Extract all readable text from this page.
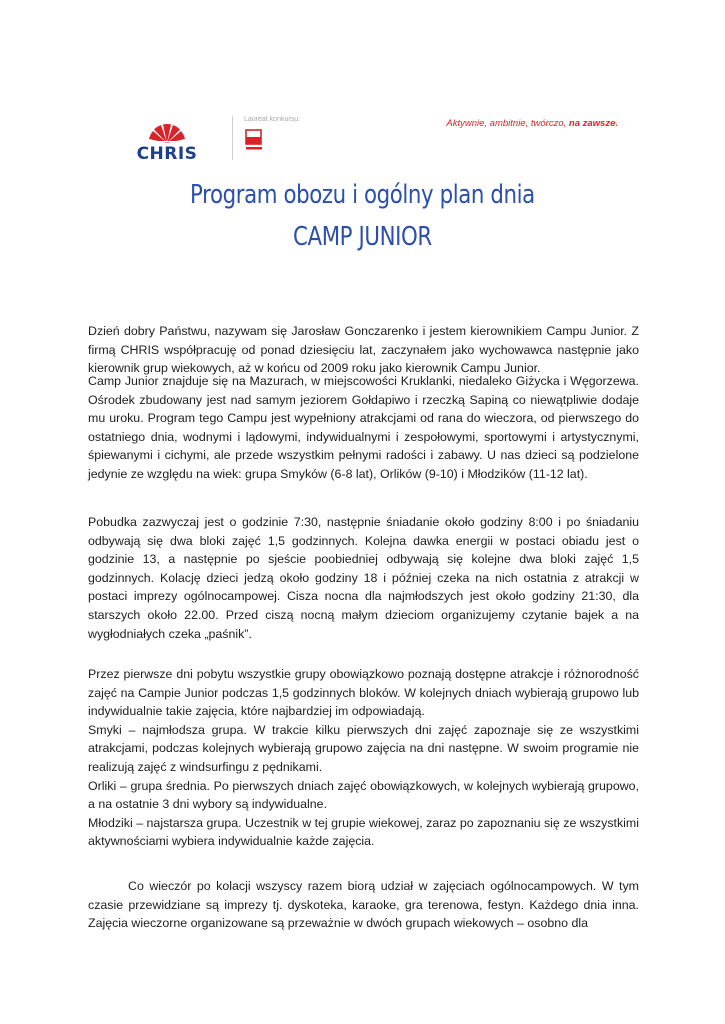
CHRIS
Laureat konkursu:	Aktywnie, ambitnie, twórczo, na zawsze.
Program obozu i ogólny plan dnia
CAMP JUNIOR

Dzień dobry Państwu, nazywam się Jarosław Gonczarenko i jestem kierownikiem Campu Junior. Z firmą CHRIS współpracuję od ponad dziesięciu lat, zaczynałem jako wychowawca następnie jako kierownik grup wiekowych, aż w końcu od 2009 roku jako kierownik Campu Junior.

Camp Junior znajduje się na Mazurach, w miejscowości Kruklanki, niedaleko Giżycka i Węgorzewa. Ośrodek zbudowany jest nad samym jeziorem Gołdapiwo i rzeczką Sapiną co niewątpliwie dodaje mu uroku. Program tego Campu jest wypełniony atrakcjami od rana do wieczora, od pierwszego do ostatniego dnia, wodnymi i lądowymi, indywidualnymi i zespołowymi, sportowymi i artystycznymi, śpiewanymi i cichymi, ale przede wszystkim pełnymi radości i zabawy. U nas dzieci są podzielone jedynie ze względu na wiek: grupa Smyków (6-8 lat), Orlików (9-10) i Młodzików (11-12 lat).

Pobudka zazwyczaj jest o godzinie 7:30, następnie śniadanie około godziny 8:00 i po śniadaniu odbywają się dwa bloki zajęć 1,5 godzinnych. Kolejna dawka energii w postaci obiadu jest o godzinie 13, a następnie po sjeście poobiedniej odbywają się kolejne dwa bloki zajęć 1,5 godzinnych. Kolację dzieci jedzą około godziny 18 i później czeka na nich ostatnia z atrakcji w postaci imprezy ogólnocampowej. Cisza nocna dla najmłodszych jest około godziny 21:30, dla starszych około 22.00. Przed ciszą nocną małym dzieciom organizujemy czytanie bajek a na wygłodniałych czeka „paśnik”.

Przez pierwsze dni pobytu wszystkie grupy obowiązkowo poznają dostępne atrakcje i różnorodność zajęć na Campie Junior podczas 1,5 godzinnych bloków. W kolejnych dniach wybierają grupowo lub indywidualnie takie zajęcia, które najbardziej im odpowiadają.

Smyki – najmłodsza grupa. W trakcie kilku pierwszych dni zajęć zapoznaje się ze wszystkimi atrakcjami, podczas kolejnych wybierają grupowo zajęcia na dni następne. W swoim programie nie realizują zajęć z windsurfingu z pędnikami.

Orliki – grupa średnia. Po pierwszych dniach zajęć obowiązkowych, w kolejnych wybierają grupowo, a na ostatnie 3 dni wybory są indywidualne.

Młodziki – najstarsza grupa. Uczestnik w tej grupie wiekowej, zaraz po zapoznaniu się ze wszystkimi aktywnościami wybiera indywidualnie każde zajęcia.

Co wieczór po kolacji wszyscy razem biorą udział w zajęciach ogólnocampowych. W tym czasie przewidziane są imprezy tj. dyskoteka, karaoke, gra terenowa, festyn. Każdego dnia inna. Zajęcia wieczorne organizowane są przeważnie w dwóch grupach wiekowych – osobno dla
